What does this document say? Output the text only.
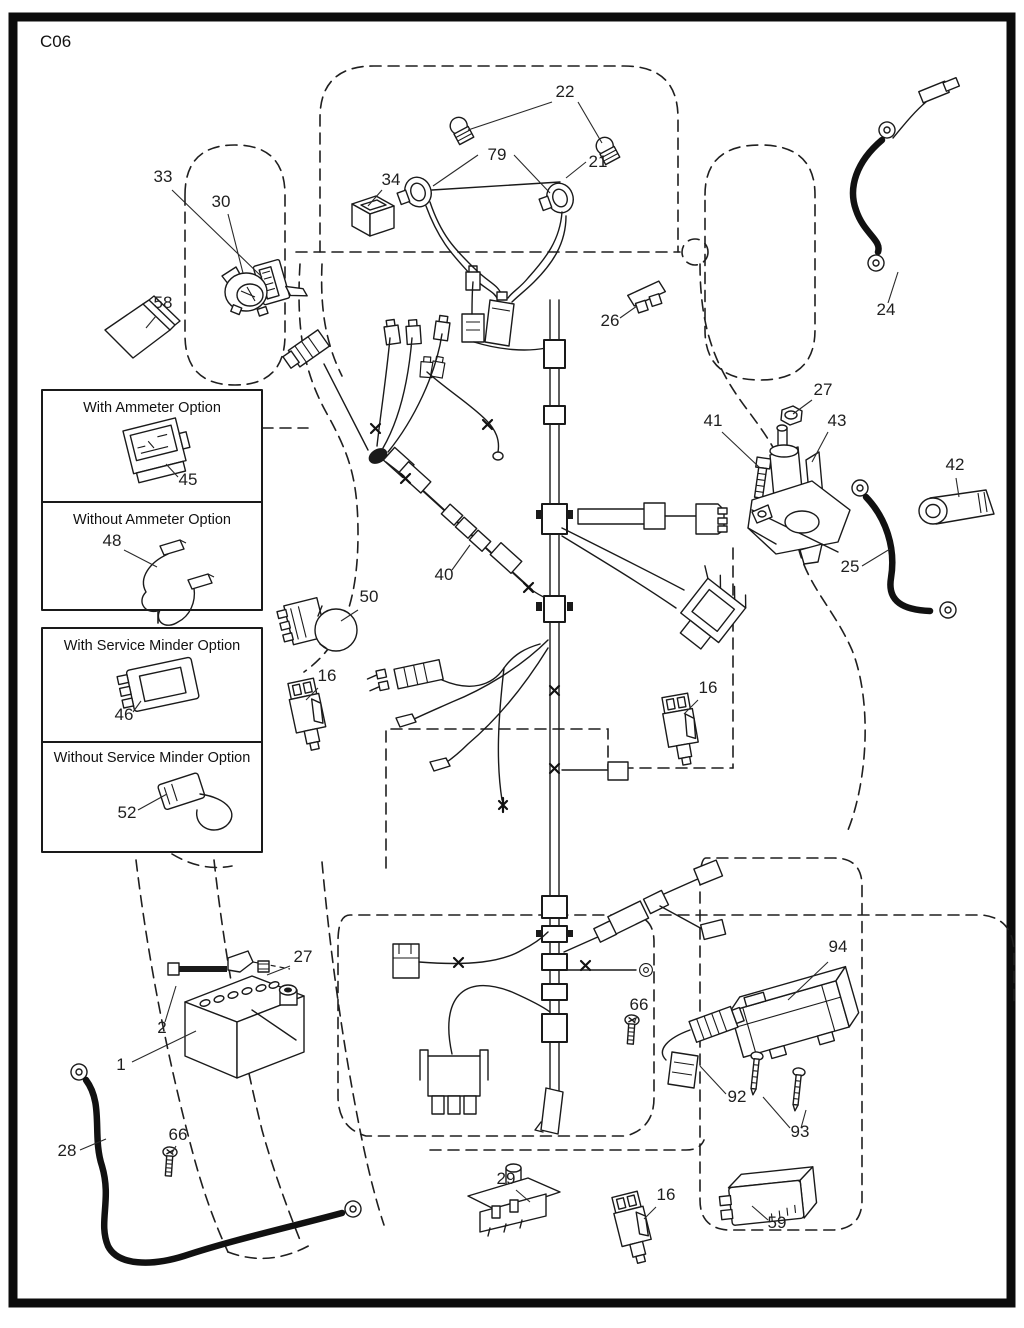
C06
With Ammeter Option
Without Ammeter Option
With Service Minder Option
Without Service Minder Option
22
79	21
34
33
30
58	24
26
27
41	43
42
25
45
48
46
52
40
50
16
16
27
2
1
66
28
94
66
92
93
29
16
59
